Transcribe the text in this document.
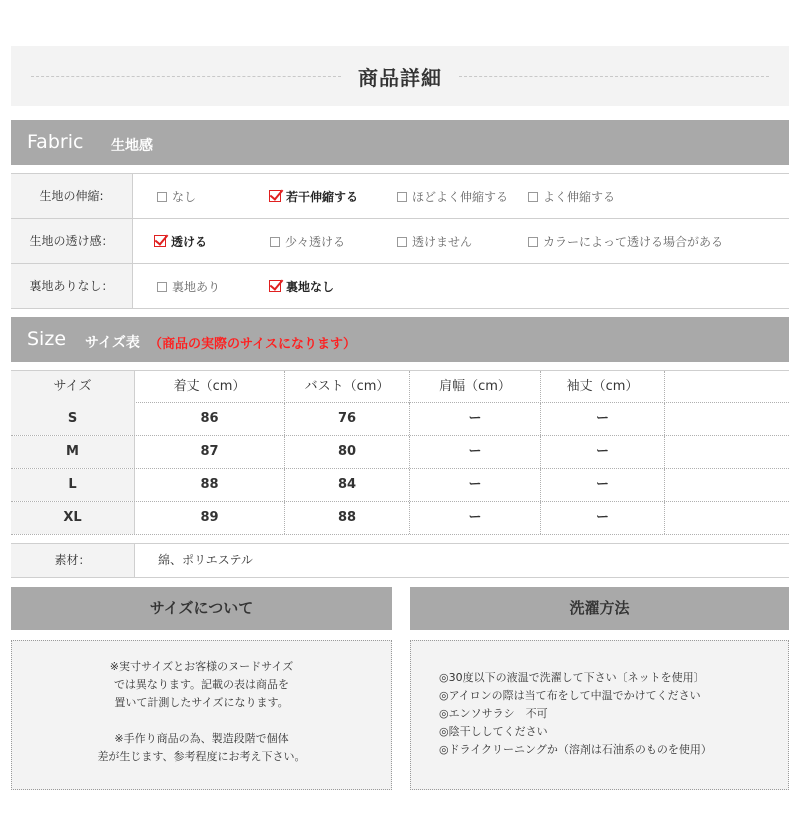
商品詳細
Fabric 生地感
生地の伸縮:	なし	若干伸縮する	ほどよく伸縮する	よく伸縮する
生地の透け感：	透ける	少々透ける	透けません	カラーによって透ける場合がある
裏地ありなし：	裏地あり	裏地なし
Size サイズ表 （商品の実際のサイスになります）
サイズ	着丈（cm）	バスト（cm）	肩幅（cm）	袖丈（cm）
S	86	76	ー	ー
M	87	80	ー	ー
L	88	84	ー	ー
XL	89	88	ー	ー
素材：	綿、ポリエステル
サイズについて
※実寸サイズとお客様のヌードサイズ
では異なります。記載の表は商品を
置いて計測したサイズになります。
※手作り商品の為、製造段階で個体
差が生じます、参考程度にお考え下さい。
洗濯方法
◎30度以下の液温で洗濯して下さい〔ネットを使用〕
◎アイロンの際は当て布をして中温でかけてください
◎エンソサラシ　不可
◎陰干ししてください
◎ドライクリーニングか（溶剤は石油系のものを使用）
